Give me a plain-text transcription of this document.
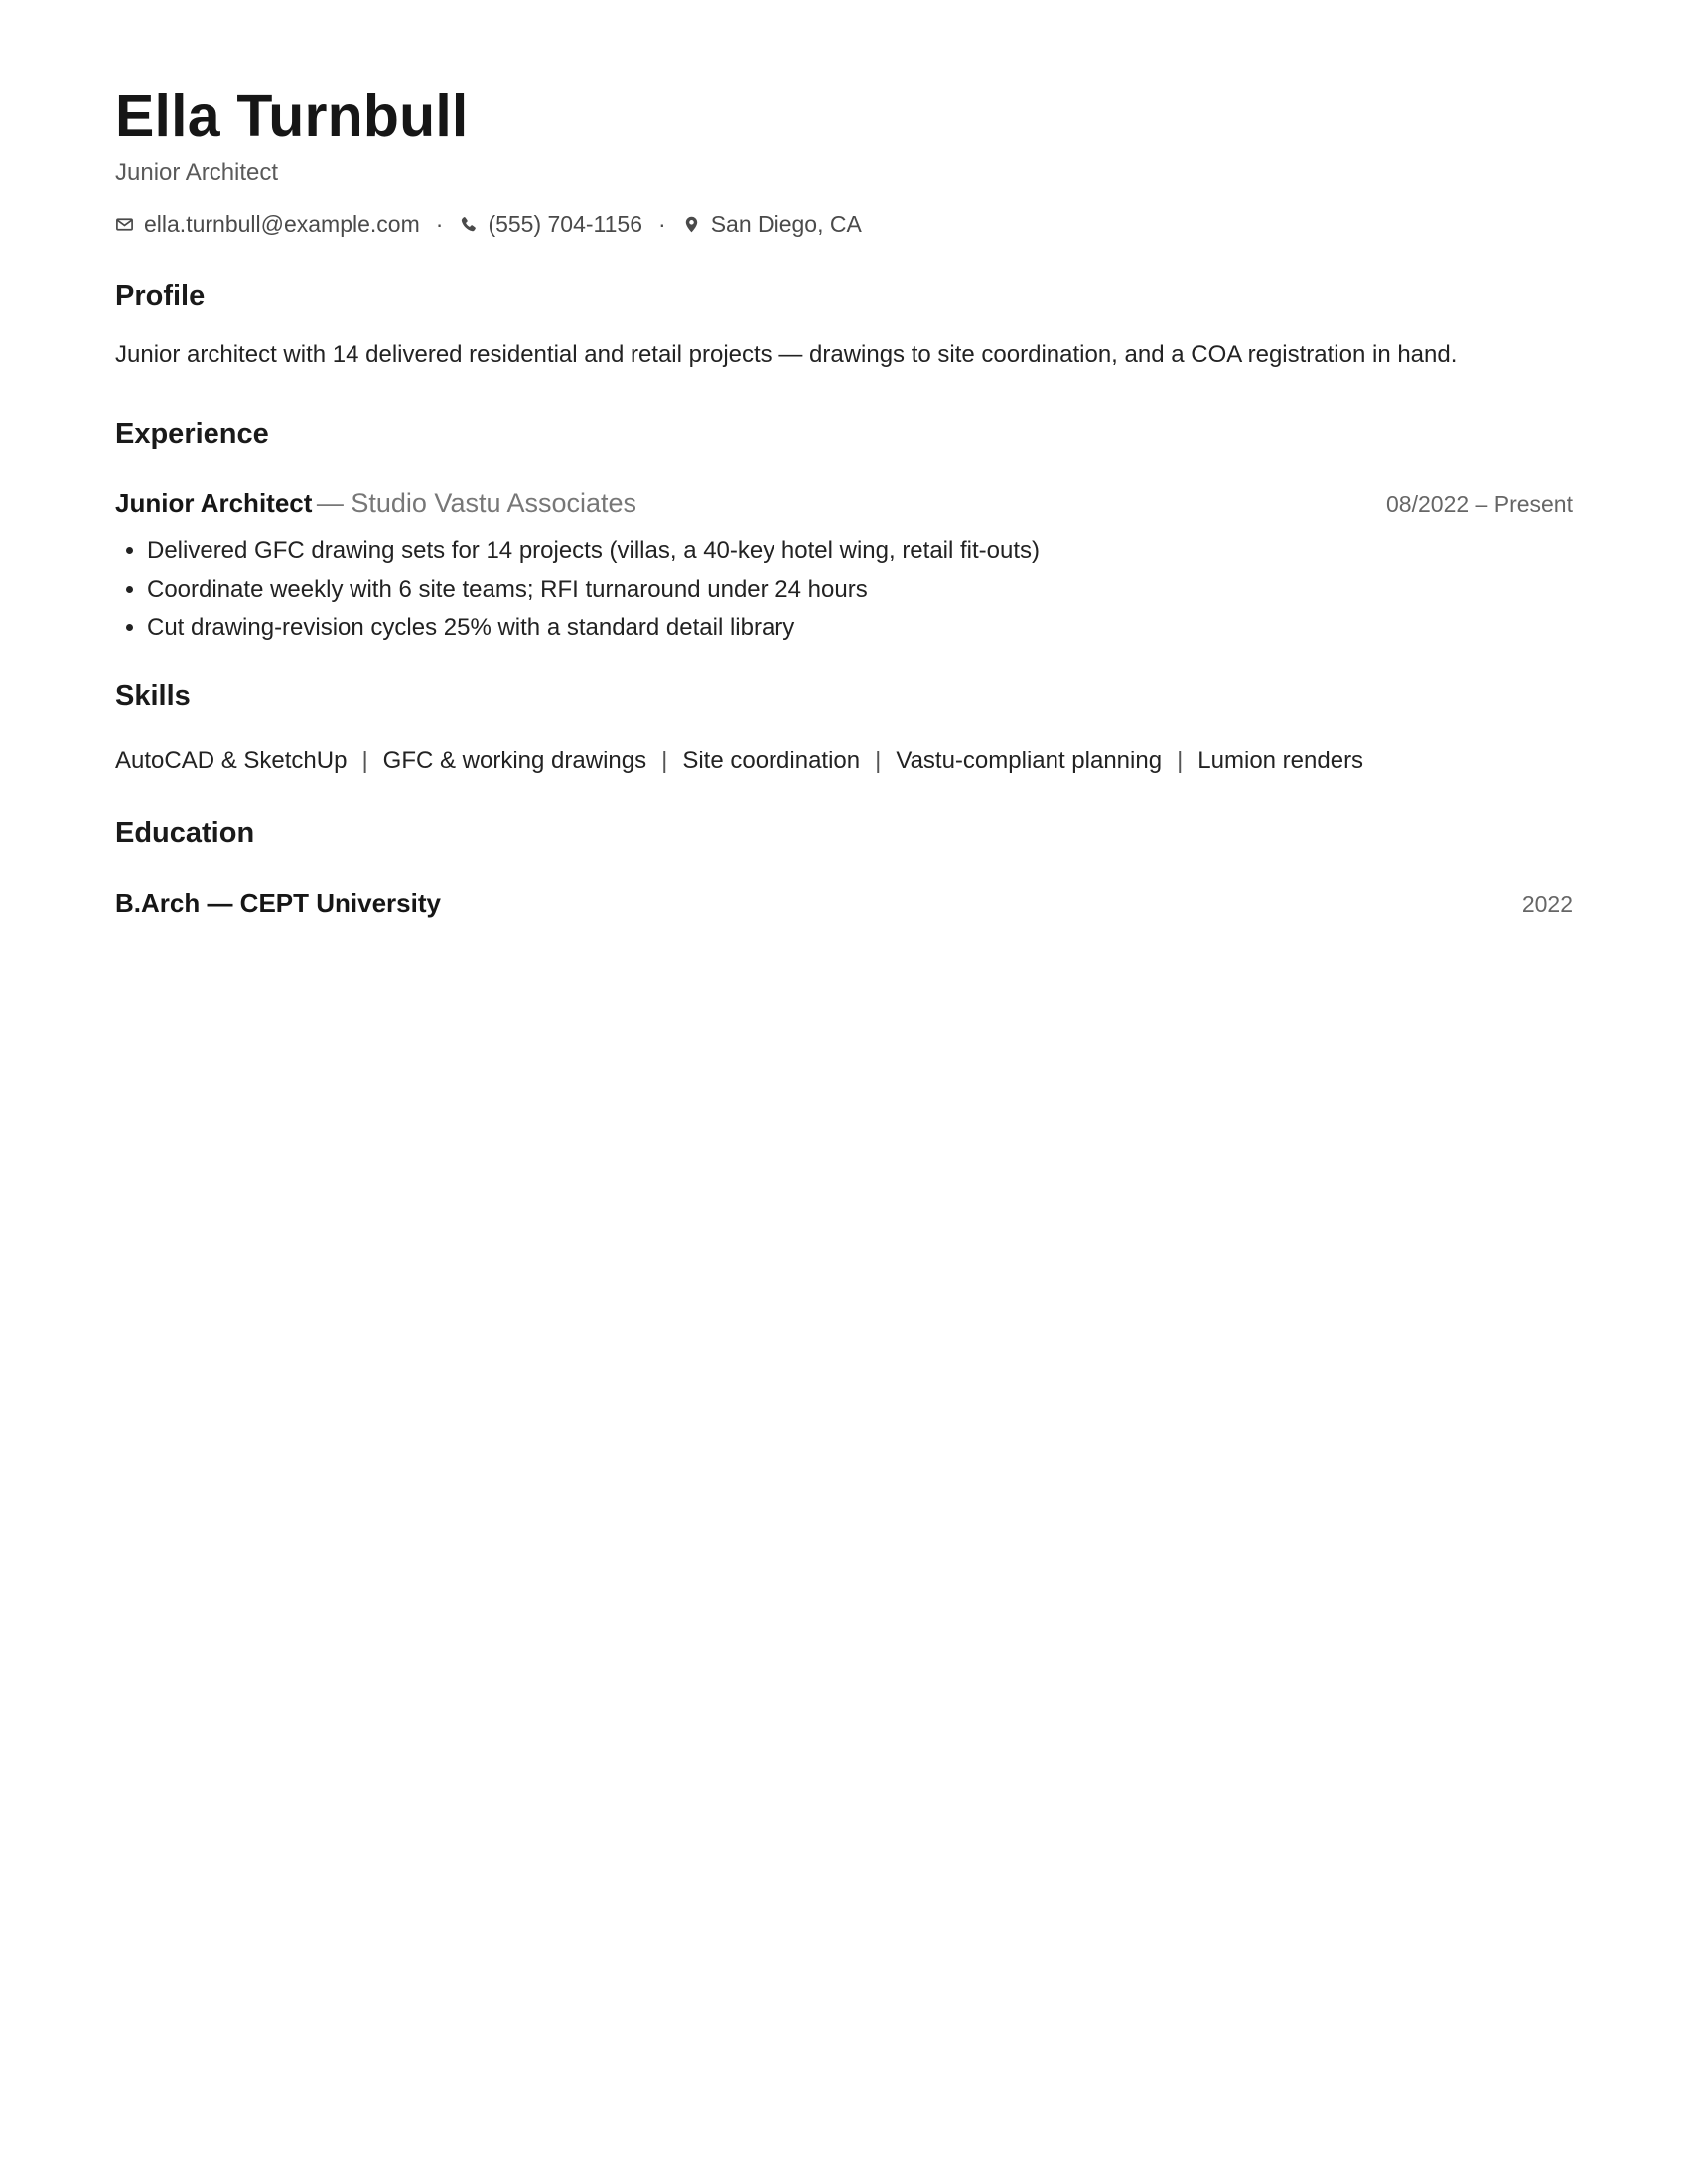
Ella Turnbull
Junior Architect
ella.turnbull@example.com · (555) 704-1156 · San Diego, CA
Profile
Junior architect with 14 delivered residential and retail projects — drawings to site coordination, and a COA registration in hand.
Experience
Junior Architect — Studio Vastu Associates	08/2022 – Present
• Delivered GFC drawing sets for 14 projects (villas, a 40-key hotel wing, retail fit-outs)
• Coordinate weekly with 6 site teams; RFI turnaround under 24 hours
• Cut drawing-revision cycles 25% with a standard detail library
Skills
AutoCAD & SketchUp | GFC & working drawings | Site coordination | Vastu-compliant planning | Lumion renders
Education
B.Arch — CEPT University	2022
